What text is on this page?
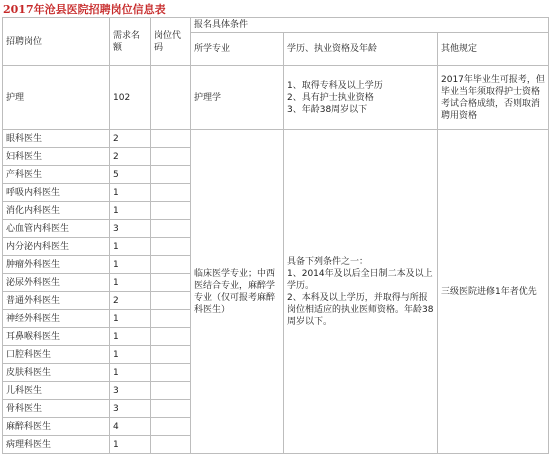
2017年沧县医院招聘岗位信息表
招聘岗位	需求名额	岗位代码	报名具体条件		
			所学专业	学历、执业资格及年龄	其他规定
护理	102		护理学	1、取得专科及以上学历
2、具有护士执业资格
3、年龄38周岁以下	2017年毕业生可报考，但毕业当年须取得护士资格考试合格成绩，否则取消聘用资格

眼科医生	2		临床医学专业；中西医结合专业，麻醉学专业（仅可报考麻醉科医生）	具备下列条件之一：
1、2014年及以后全日制二本及以上学历。
2、本科及以上学历，并取得与所报岗位相适应的执业医师资格。年龄38周岁以下。	三级医院进修1年者优先
妇科医生	2				
产科医生	5				
呼吸内科医生	1				
消化内科医生	1				
心血管内科医生	3				
内分泌内科医生	1				
肿瘤外科医生	1				
泌尿外科医生	1				
普通外科医生	2				
神经外科医生	1				
耳鼻喉科医生	1				
口腔科医生	1				
皮肤科医生	1				
儿科医生	3				
骨科医生	3				
麻醉科医生	4				
病理科医生	1				
